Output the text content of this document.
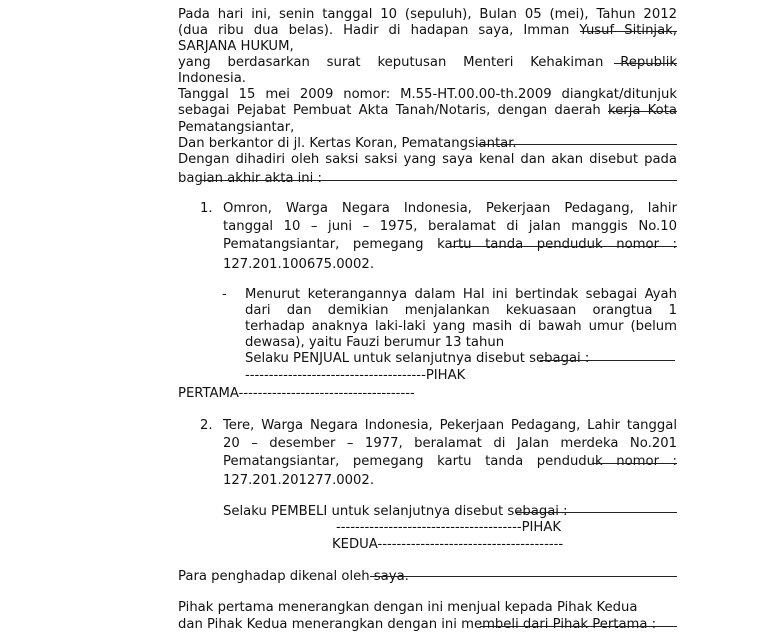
Pada hari ini, senin tanggal 10 (sepuluh), Bulan 05 (mei), Tahun 2012
(dua ribu dua belas). Hadir di hadapan saya, Imman Yusuf Sitinjak,
SARJANA HUKUM,
yang berdasarkan surat keputusan Menteri Kehakiman Republik
Indonesia.
Tanggal 15 mei 2009 nomor: M.55-HT.00.00-th.2009 diangkat/ditunjuk
sebagai Pejabat Pembuat Akta Tanah/Notaris, dengan daerah kerja Kota
Pematangsiantar,
Dan berkantor di jl. Kertas Koran, Pematangsiantar.
Dengan dihadiri oleh saksi saksi yang saya kenal dan akan disebut pada
bagian akhir akta ini :
1. Omron, Warga Negara Indonesia, Pekerjaan Pedagang, lahir
tanggal 10 – juni – 1975, beralamat di jalan manggis No.10
Pematangsiantar, pemegang kartu tanda penduduk nomor :
127.201.100675.0002.
- Menurut keterangannya dalam Hal ini bertindak sebagai Ayah
dari dan demikian menjalankan kekuasaan orangtua 1
terhadap anaknya laki-laki yang masih di bawah umur (belum
dewasa), yaitu Fauzi berumur 13 tahun
Selaku PENJUAL untuk selanjutnya disebut sebagai :
--------------------------------------PIHAK
PERTAMA-------------------------------------
2. Tere, Warga Negara Indonesia, Pekerjaan Pedagang, Lahir tanggal
20 – desember – 1977, beralamat di Jalan merdeka No.201
Pematangsiantar, pemegang kartu tanda penduduk nomor :
127.201.201277.0002.
Selaku PEMBELI untuk selanjutnya disebut sebagai :
---------------------------------------PIHAK
KEDUA---------------------------------------
Para penghadap dikenal oleh saya.
Pihak pertama menerangkan dengan ini menjual kepada Pihak Kedua
dan Pihak Kedua menerangkan dengan ini membeli dari Pihak Pertama :
